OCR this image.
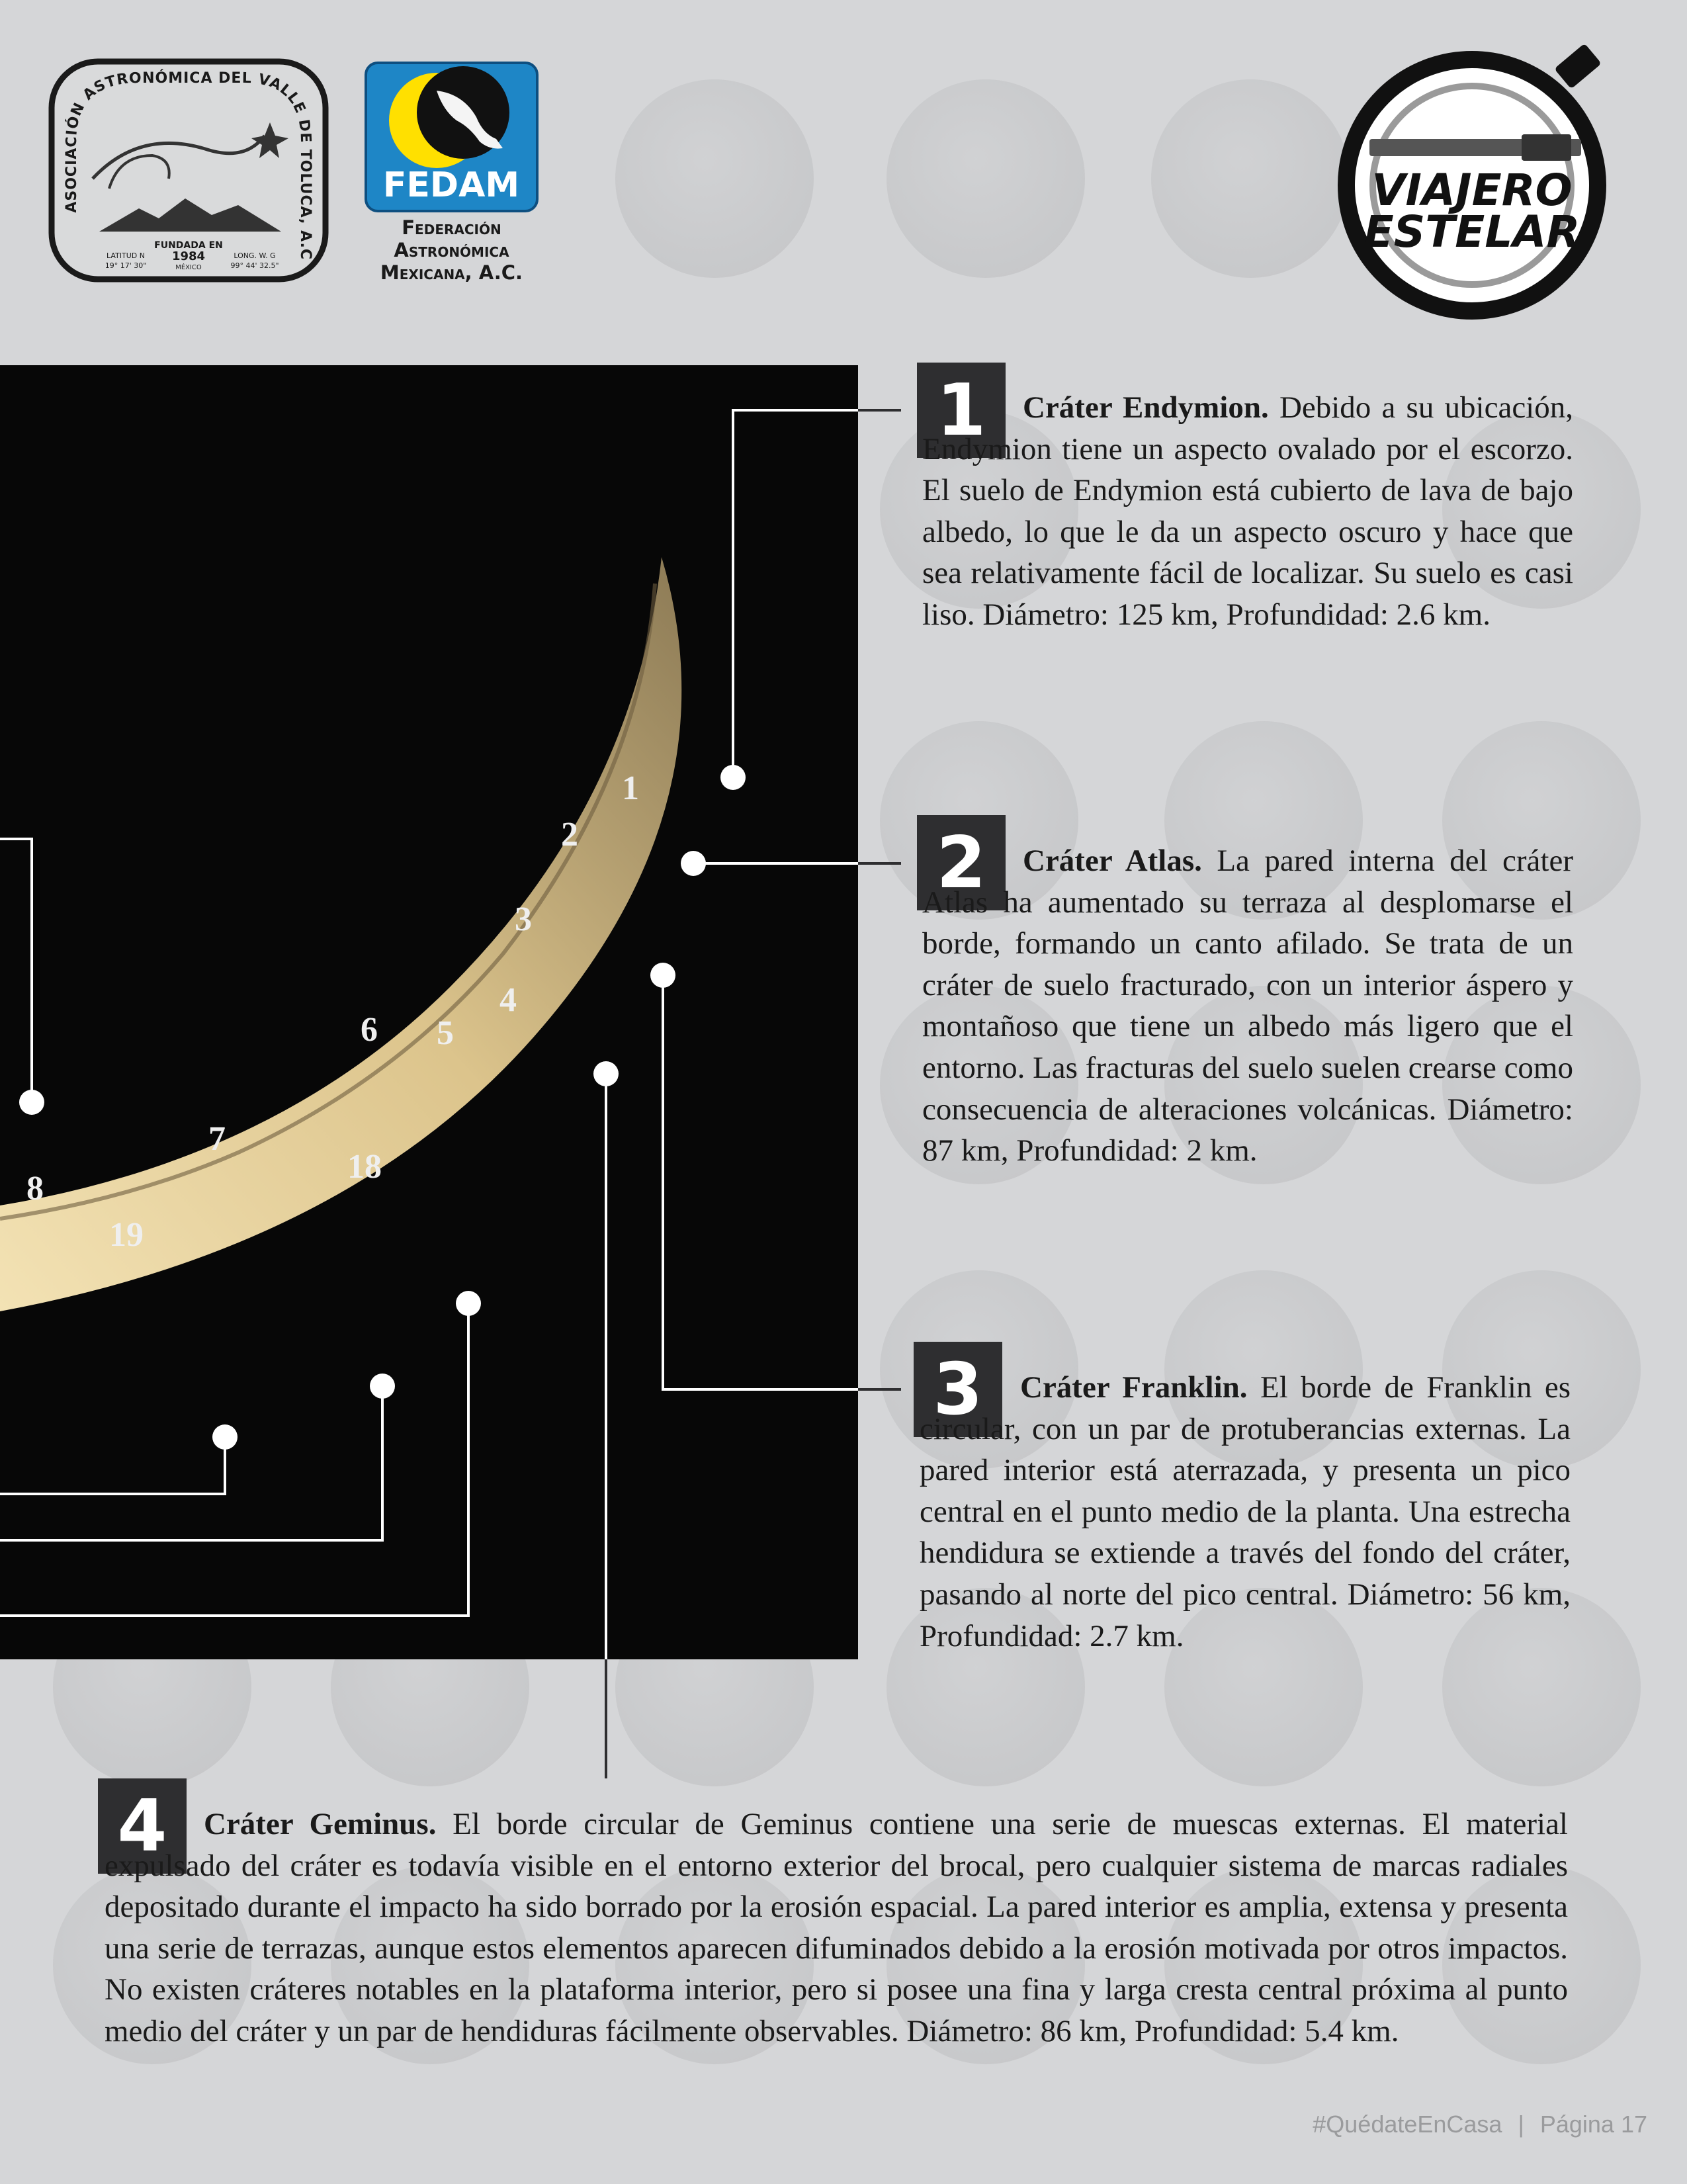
ASOCIACIÓN ASTRONÓMICA DEL VALLE DE TOLUCA, A.C
FUNDADA EN
1984
MÉXICO
LATITUD N
19° 17' 30"
LONG. W. G
99° 44' 32.5"
FEDAM
Federación
Astronómica
Mexicana, A.C.
VIAJERO
ESTELAR
1
2
3
4
5
6
7
8
18
19
1	Cráter Endymion. Debido a su ubicación, Endymion tiene un aspecto ovalado por el escorzo. El suelo de Endymion está cubierto de lava de bajo albedo, lo que le da un aspecto oscuro y hace que sea relativamente fácil de localizar. Su suelo es casi liso. Diámetro: 125 km, Profundidad: 2.6 km.

2	Cráter Atlas. La pared interna del cráter Atlas ha aumentado su terraza al desplomarse el borde, formando un canto afilado. Se trata de un cráter de suelo fracturado, con un interior áspero y montañoso que tiene un albedo más ligero que el entorno. Las fracturas del suelo suelen crearse como consecuencia de alteraciones volcánicas. Diámetro: 87 km, Profundidad: 2 km.

3	Cráter Franklin. El borde de Franklin es circular, con un par de protuberancias externas. La pared interior está aterrazada, y presenta un pico central en el punto medio de la planta. Una estrecha hendidura se extiende a través del fondo del cráter, pasando al norte del pico central. Diámetro: 56 km, Profundidad: 2.7 km.

4	Cráter Geminus. El borde circular de Geminus contiene una serie de muescas externas. El material expulsado del cráter es todavía visible en el entorno exterior del brocal, pero cualquier sistema de marcas radiales depositado durante el impacto ha sido borrado por la erosión espacial. La pared interior es amplia, extensa y presenta una serie de terrazas, aunque estos elementos aparecen difuminados debido a la erosión motivada por otros impactos. No existen cráteres notables en la plataforma interior, pero si posee una fina y larga cresta central próxima al punto medio del cráter y un par de hendiduras fácilmente observables. Diámetro: 86 km, Profundidad: 5.4 km.

#QuédateEnCasa | Página 17
